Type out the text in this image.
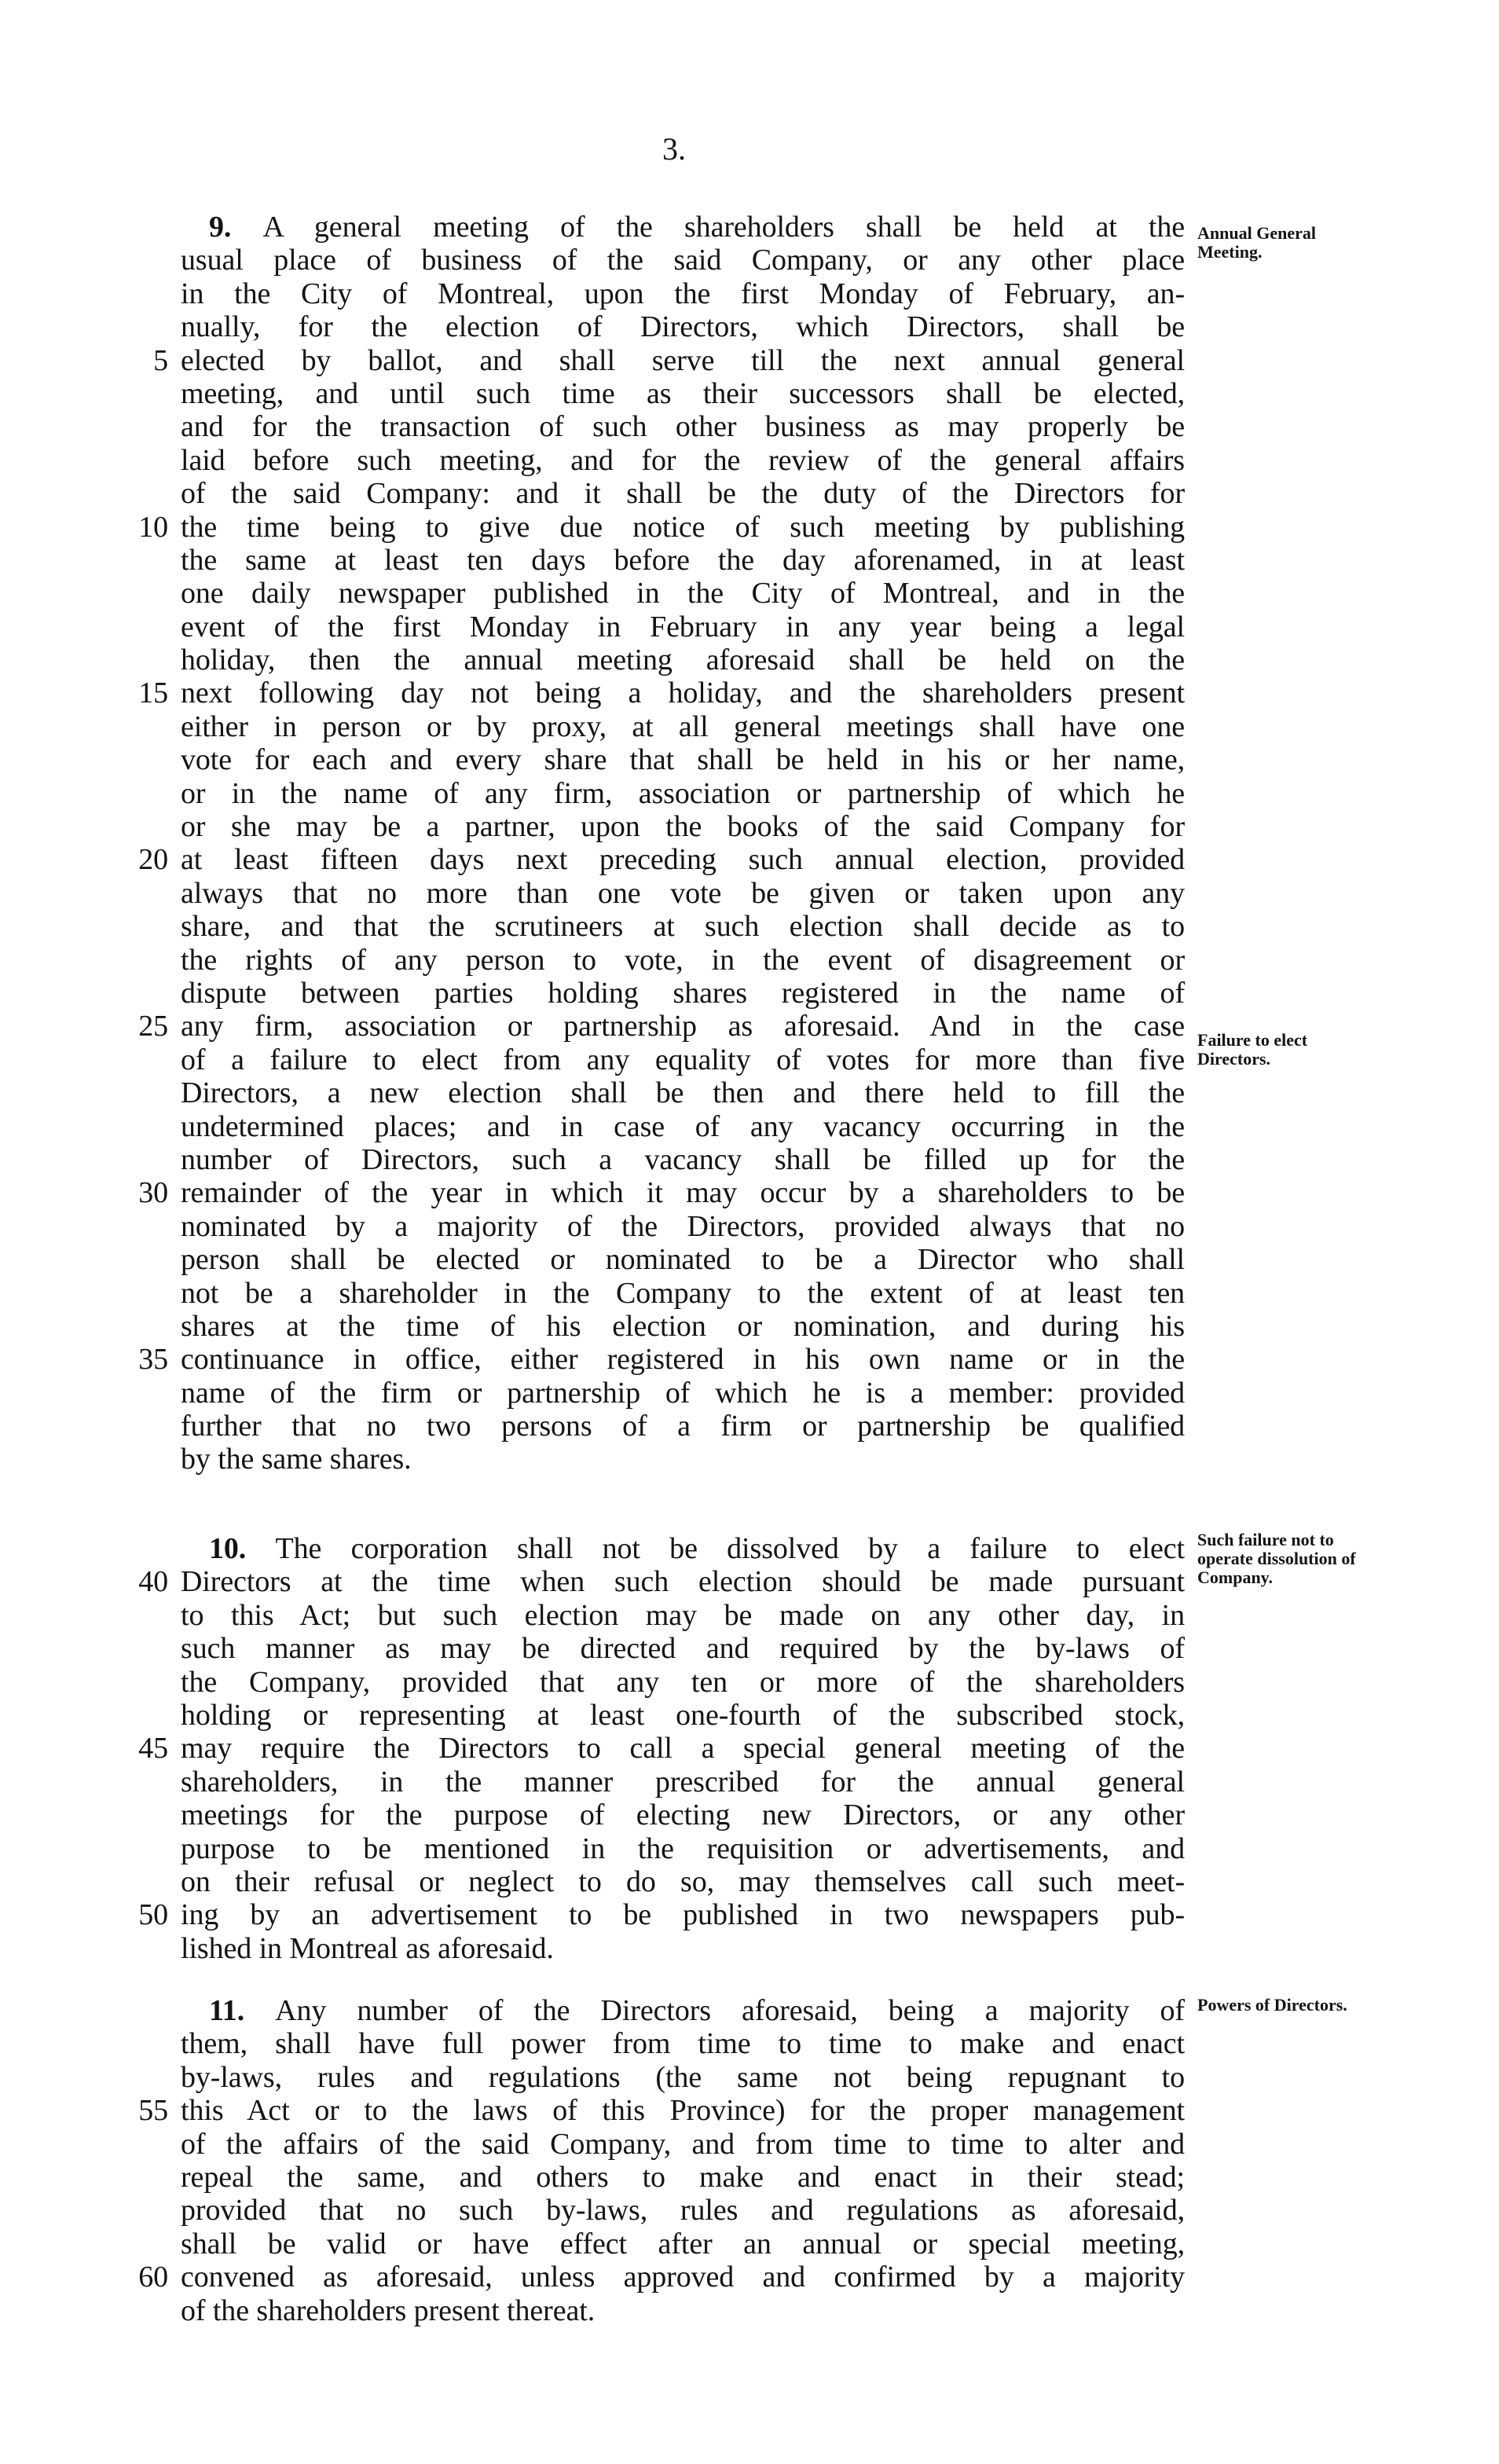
3.
9. A general meeting of the shareholders shall be held at the
usual place of business of the said Company, or any other place
in the City of Montreal, upon the first Monday of February, an-
nually, for the election of Directors, which Directors, shall be
elected by ballot, and shall serve till the next annual general
5
meeting, and until such time as their successors shall be elected,
and for the transaction of such other business as may properly be
laid before such meeting, and for the review of the general affairs
of the said Company: and it shall be the duty of the Directors for
the time being to give due notice of such meeting by publishing
10
the same at least ten days before the day aforenamed, in at least
one daily newspaper published in the City of Montreal, and in the
event of the first Monday in February in any year being a legal
holiday, then the annual meeting aforesaid shall be held on the
next following day not being a holiday, and the shareholders present
15
either in person or by proxy, at all general meetings shall have one
vote for each and every share that shall be held in his or her name,
or in the name of any firm, association or partnership of which he
or she may be a partner, upon the books of the said Company for
at least fifteen days next preceding such annual election, provided
20
always that no more than one vote be given or taken upon any
share, and that the scrutineers at such election shall decide as to
the rights of any person to vote, in the event of disagreement or
dispute between parties holding shares registered in the name of
any firm, association or partnership as aforesaid. And in the case
25
of a failure to elect from any equality of votes for more than five
Directors, a new election shall be then and there held to fill the
undetermined places; and in case of any vacancy occurring in the
number of Directors, such a vacancy shall be filled up for the
remainder of the year in which it may occur by a shareholders to be
30
nominated by a majority of the Directors, provided always that no
person shall be elected or nominated to be a Director who shall
not be a shareholder in the Company to the extent of at least ten
shares at the time of his election or nomination, and during his
continuance in office, either registered in his own name or in the
35
name of the firm or partnership of which he is a member: provided
further that no two persons of a firm or partnership be qualified
by the same shares.
10. The corporation shall not be dissolved by a failure to elect
Directors at the time when such election should be made pursuant
40
to this Act; but such election may be made on any other day, in
such manner as may be directed and required by the by-laws of
the Company, provided that any ten or more of the shareholders
holding or representing at least one-fourth of the subscribed stock,
may require the Directors to call a special general meeting of the
45
shareholders, in the manner prescribed for the annual general
meetings for the purpose of electing new Directors, or any other
purpose to be mentioned in the requisition or advertisements, and
on their refusal or neglect to do so, may themselves call such meet-
ing by an advertisement to be published in two newspapers pub-
50
lished in Montreal as aforesaid.
11. Any number of the Directors aforesaid, being a majority of
them, shall have full power from time to time to make and enact
by-laws, rules and regulations (the same not being repugnant to
this Act or to the laws of this Province) for the proper management
55
of the affairs of the said Company, and from time to time to alter and
repeal the same, and others to make and enact in their stead;
provided that no such by-laws, rules and regulations as aforesaid,
shall be valid or have effect after an annual or special meeting,
convened as aforesaid, unless approved and confirmed by a majority
60
of the shareholders present thereat.
Annual General Meeting.
Failure to elect Directors.
Such failure not to operate dissolution of Company.
Powers of Directors.
